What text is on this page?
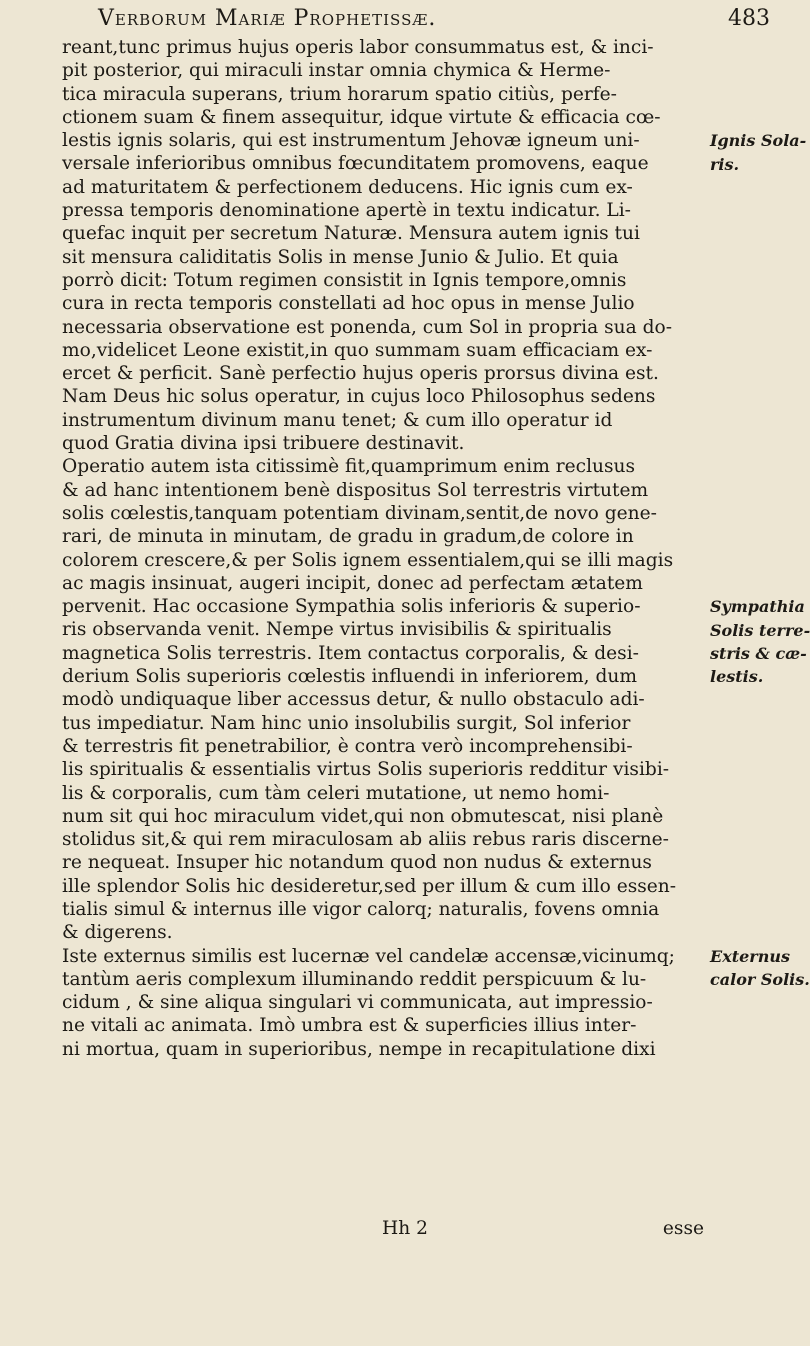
Verborum Mariæ Prophetissæ.	483
reant,tunc primus hujus operis labor consummatus est, & inci-
pit posterior, qui miraculi instar omnia chymica & Herme-
tica miracula superans, trium horarum spatio citiùs, perfe-
ctionem suam & finem assequitur, idque virtute & efficacia cœ-
lestis ignis solaris, qui est instrumentum Jehovæ igneum uni-
versale inferioribus omnibus fœcunditatem promovens, eaque
ad maturitatem & perfectionem deducens. Hic ignis cum ex-
pressa temporis denominatione apertè in textu indicatur. Li-
quefac inquit per secretum Naturæ. Mensura autem ignis tui
sit mensura caliditatis Solis in mense Junio & Julio. Et quia
porrò dicit: Totum regimen consistit in Ignis tempore,omnis
cura in recta temporis constellati ad hoc opus in mense Julio
necessaria observatione est ponenda, cum Sol in propria sua do-
mo,videlicet Leone existit,in quo summam suam efficaciam ex-
ercet & perficit. Sanè perfectio hujus operis prorsus divina est.
Nam Deus hic solus operatur, in cujus loco Philosophus sedens
instrumentum divinum manu tenet; & cum illo operatur id
quod Gratia divina ipsi tribuere destinavit.
Operatio autem ista citissimè fit,quamprimum enim reclusus
& ad hanc intentionem benè dispositus Sol terrestris virtutem
solis cœlestis,tanquam potentiam divinam,sentit,de novo gene-
rari, de minuta in minutam, de gradu in gradum,de colore in
colorem crescere,& per Solis ignem essentialem,qui se illi magis
ac magis insinuat, augeri incipit, donec ad perfectam ætatem
pervenit. Hac occasione Sympathia solis inferioris & superio-
ris observanda venit. Nempe virtus invisibilis & spiritualis
magnetica Solis terrestris. Item contactus corporalis, & desi-
derium Solis superioris cœlestis influendi in inferiorem, dum
modò undiquaque liber accessus detur, & nullo obstaculo adi-
tus impediatur. Nam hinc unio insolubilis surgit, Sol inferior
& terrestris fit penetrabilior, è contra verò incomprehensibi-
lis spiritualis & essentialis virtus Solis superioris redditur visibi-
lis & corporalis, cum tàm celeri mutatione, ut nemo homi-
num sit qui hoc miraculum videt,qui non obmutescat, nisi planè
stolidus sit,& qui rem miraculosam ab aliis rebus raris discerne-
re nequeat. Insuper hic notandum quod non nudus & externus
ille splendor Solis hic desideretur,sed per illum & cum illo essen-
tialis simul & internus ille vigor calorq; naturalis, fovens omnia
& digerens.
Iste externus similis est lucernæ vel candelæ accensæ,vicinumq;
tantùm aeris complexum illuminando reddit perspicuum & lu-
cidum , & sine aliqua singulari vi communicata, aut impressio-
ne vitali ac animata. Imò umbra est & superficies illius inter-
ni mortua, quam in superioribus, nempe in recapitulatione dixi
Ignis Sola-
ris.
Sympathia
Solis terre-
stris & cæ-
lestis.
Externus
calor Solis.
Hh 2	esse
